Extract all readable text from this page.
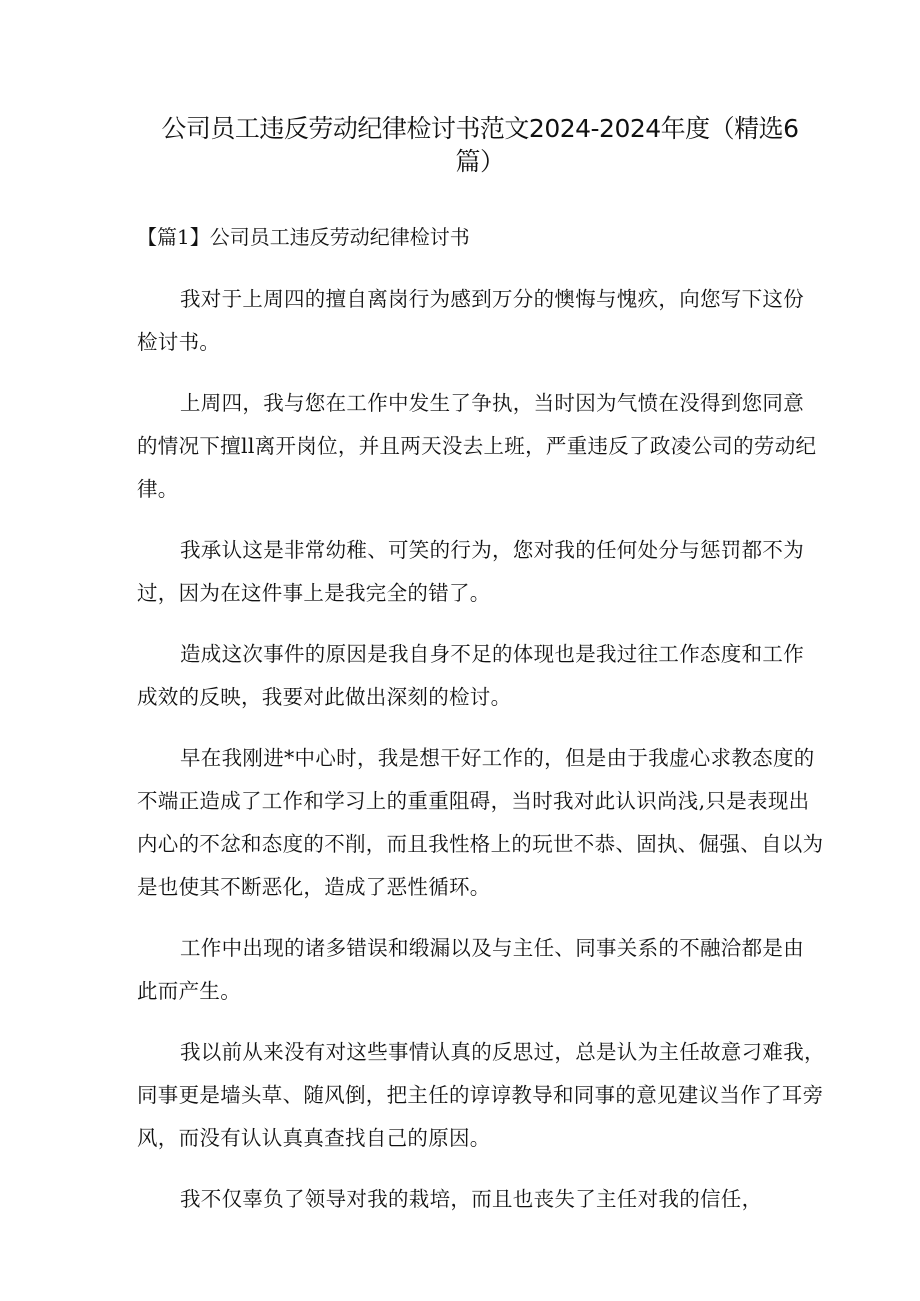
公司员工违反劳动纪律检讨书范文2024-2024年度（精选6
篇）
【篇1】公司员工违反劳动纪律检讨书
我对于上周四的擅自离岗行为感到万分的懊悔与愧疚，向您写下这份
检讨书。
上周四，我与您在工作中发生了争执，当时因为气愤在没得到您同意
的情况下擅ll离开岗位，并且两天没去上班，严重违反了政凌公司的劳动纪
律。
我承认这是非常幼稚、可笑的行为，您对我的任何处分与惩罚都不为
过，因为在这件事上是我完全的错了。
造成这次事件的原因是我自身不足的体现也是我过往工作态度和工作
成效的反映，我要对此做出深刻的检讨。
早在我刚进*中心时，我是想干好工作的，但是由于我虚心求教态度的
不端正造成了工作和学习上的重重阻碍，当时我对此认识尚浅,只是表现出
内心的不忿和态度的不削，而且我性格上的玩世不恭、固执、倔强、自以为
是也使其不断恶化，造成了恶性循环。
工作中出现的诸多错误和缎漏以及与主任、同事关系的不融洽都是由
此而产生。
我以前从来没有对这些事情认真的反思过，总是认为主任故意刁难我，
同事更是墙头草、随风倒，把主任的谆谆教导和同事的意见建议当作了耳旁
风，而没有认认真真查找自己的原因。
我不仅辜负了领导对我的栽培，而且也丧失了主任对我的信任，
